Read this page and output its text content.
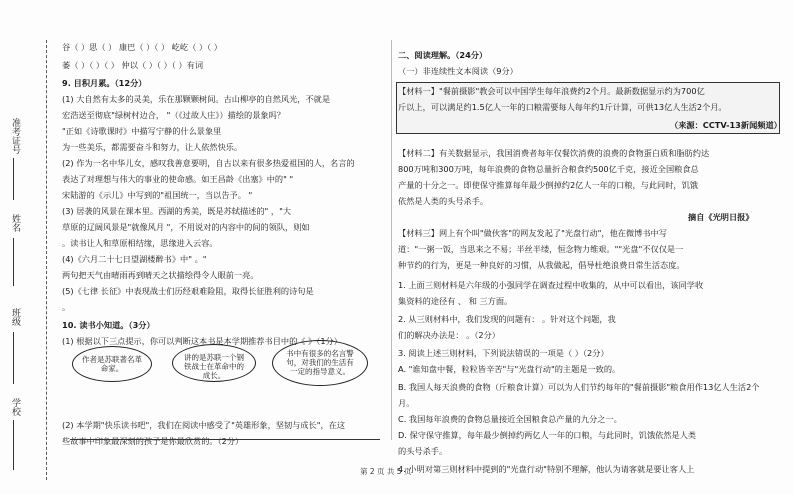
准考证号
姓名
班级
学校
谷（ ）思（ ） 康巴（ ）（ ） 屹屹（ ）（ ）
萎（ ）（ ）（ ） 仲以（ ）（ ）（ ）有词
9. 目积月累。（12分）
(1) 大自然有太多的灵美，乐在那颗颗树间。古山柳亭的自然风光，不就是
宏浩送至彻底"绿树村边合， "（《过故人庄》）描绘的景象吗？
"正如《诗歌课时》中描写宁静的什么景象里
为一些美乐，都需要奋斗和努力，让人依然快乐。
(2) 作为一名中华儿女，感叹我善意要明，自古以来有很多热爱祖国的人，名言的
表达了对理想与伟大的事业的使命感。如王昌龄《出塞》中的" "
宋陆游的《示儿》中写到的"祖国统一，当以告予。 "
(3) 居袭的风景在课本里。西湖的秀美，既是苏轼描述的" ，"大
草原的辽阔风景是"就像风月 "，不用说对的内容中的间的领队，则如
。读书让人和草原相结缘，思缘进入云容。
(4)《六月二十七日望湖楼醉书》中" 。"
两句把天气由晴雨再到晴天之状描绘得令人眼前一亮。
(5)《七律 长征》中表现战士们历经艰难险阻，取得长征胜利的诗句是
。
10. 读书小知道。（3分）
(1) 根据以下三点提示，你可以判断这本书是本学期推荐书目中的《 》（1分）
(2) 本学期"快乐读书吧"，我们在阅读中感受了"英雄形象，坚韧与成长"，在这
些故事中印象最深刻的孩子是你最欣赏的。（2分）
作者是苏联著名革命家。
讲的是苏联一个钢铁战士在革命中的成长。
书中有很多的名言警句，对我们的生活有一定的指导意义。
二、阅读理解。（24分）
（一）非连续性文本阅读（9分）
【材料一】"餐前摄影"教会可以中国学生每年浪费约2个月。最新数据显示约为700亿
斤以上，可以满足约1.5亿人一年的口粮需要每人每年约1斤计算，可供13亿人生活2个月。
（来源：CCTV-13新闻频道）
【材料二】有关数据显示，我国消费者每年仅餐饮消费的浪费的食物蛋白质和脂肪约达
800万吨和300万吨，每年浪费的食物总量折合粮食约500亿千克，接近全国粮食总
产量的十分之一。即使保守推算每年最少倒掉约2亿人一年的口粮，与此同时，饥饿
依然是人类的头号杀手。
摘自《光明日报》
【材料三】网上有个叫"做伙客"的网友发起了"光盘行动"，他在微博书中写
道："一粥一饭，当思来之不易；半丝半缕，恒念物力维艰。""光盘"不仅仅是一
种节约的行为，更是一种良好的习惯，从我做起，倡导杜绝浪费日常生活态度。
1. 上面三则材料是六年级的小强同学在调查过程中收集的，从中可以看出，该同学收
集资料的途径有 、 和 三方面。
2. 从三则材料中，我们发现的问题有： 。针对这个问题，我
们的解决办法是： 。（2分）
3. 阅读上述三则材料，下列说法错误的一项是（ ）（2分）
A. "谁知盘中餐，粒粒皆辛苦"与"光盘行动"的主题是一致的。
B. 我国人每天浪费的食物（斤粮食计算）可以为人们节约每年的"餐前摄影"粮食用作13亿人生活2个
月。
C. 我国每年浪费的食物总量接近全国粮食总产量的九分之一。
D. 保守保守推算，每年最少倒掉约两亿人一年的口粮，与此同时，饥饿依然是人类
的头号杀手。
4. 小明对第三则材料中提到的"光盘行动"特别不理解，他认为请客就是要让客人上
第 2 页 共 5 页
